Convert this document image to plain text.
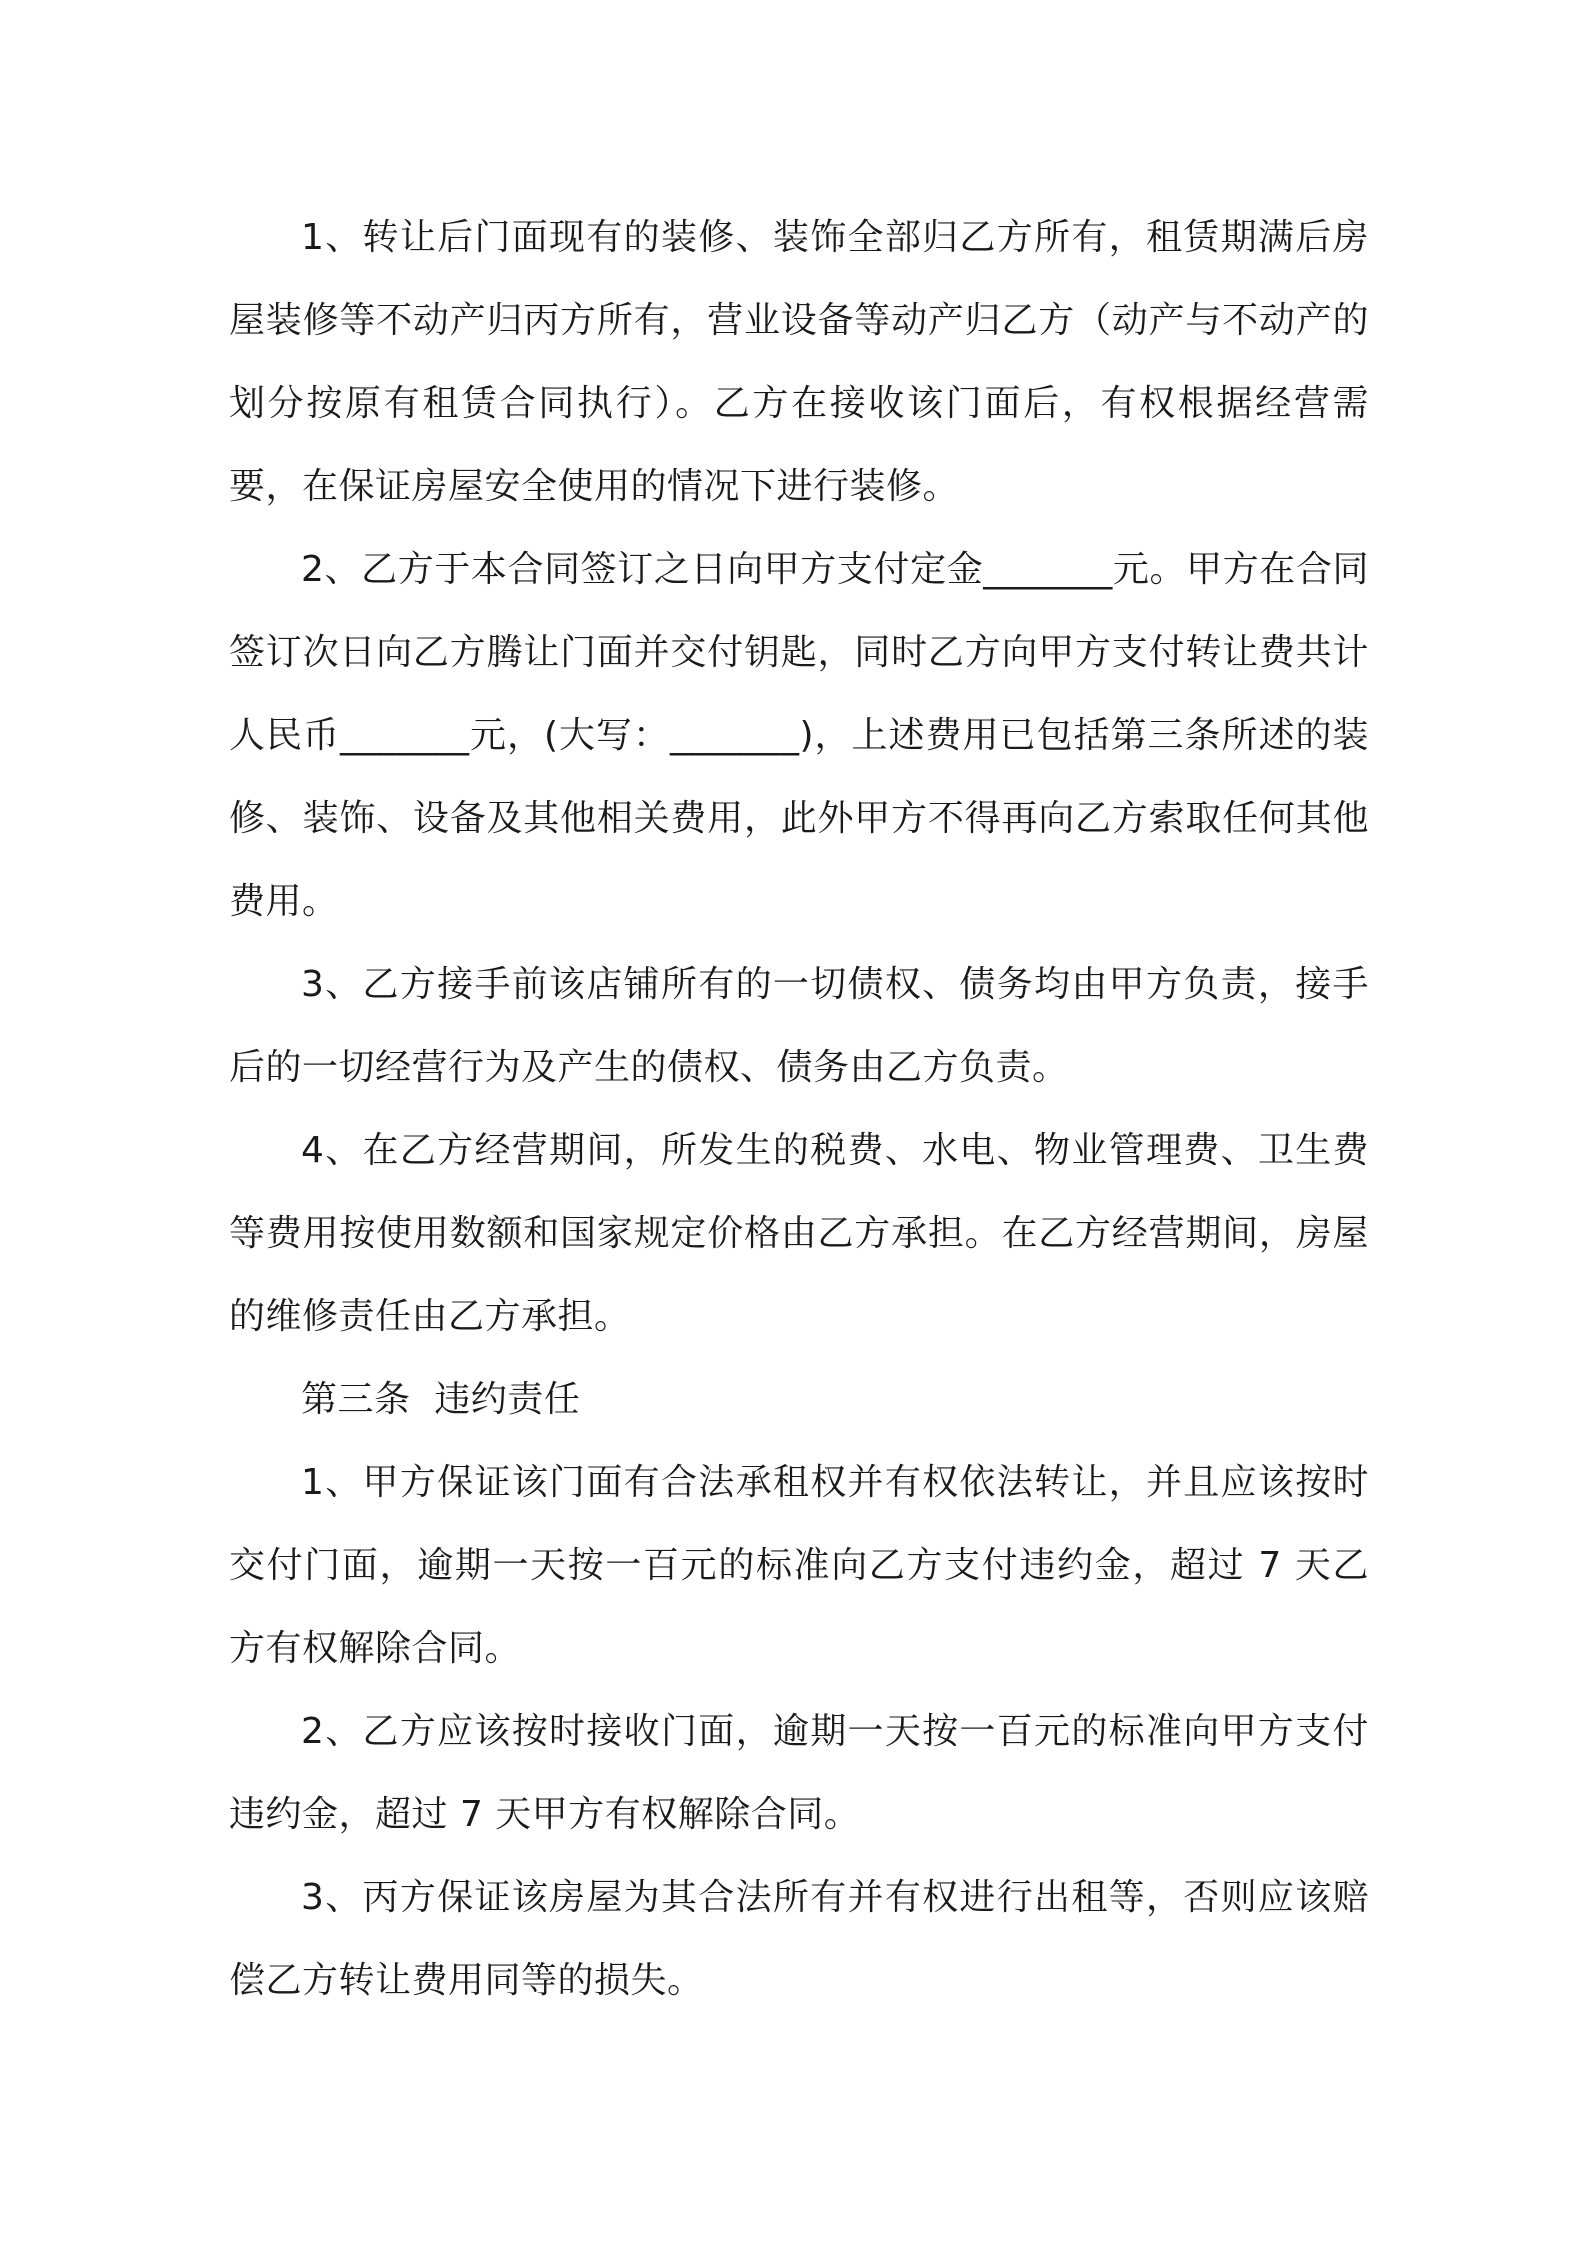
1、转让后门面现有的装修、装饰全部归乙方所有，租赁期满后房屋装修等不动产归丙方所有，营业设备等动产归乙方（动产与不动产的划分按原有租赁合同执行）。乙方在接收该门面后，有权根据经营需要，在保证房屋安全使用的情况下进行装修。

2、乙方于本合同签订之日向甲方支付定金_______元。甲方在合同签订次日向乙方腾让门面并交付钥匙，同时乙方向甲方支付转让费共计人民币_______元，(大写：_______)，上述费用已包括第三条所述的装修、装饰、设备及其他相关费用，此外甲方不得再向乙方索取任何其他费用。

3、乙方接手前该店铺所有的一切债权、债务均由甲方负责，接手后的一切经营行为及产生的债权、债务由乙方负责。

4、在乙方经营期间，所发生的税费、水电、物业管理费、卫生费等费用按使用数额和国家规定价格由乙方承担。在乙方经营期间，房屋的维修责任由乙方承担。

第三条  违约责任

1、甲方保证该门面有合法承租权并有权依法转让，并且应该按时交付门面，逾期一天按一百元的标准向乙方支付违约金，超过 7 天乙方有权解除合同。

2、乙方应该按时接收门面，逾期一天按一百元的标准向甲方支付违约金，超过 7 天甲方有权解除合同。

3、丙方保证该房屋为其合法所有并有权进行出租等，否则应该赔偿乙方转让费用同等的损失。
